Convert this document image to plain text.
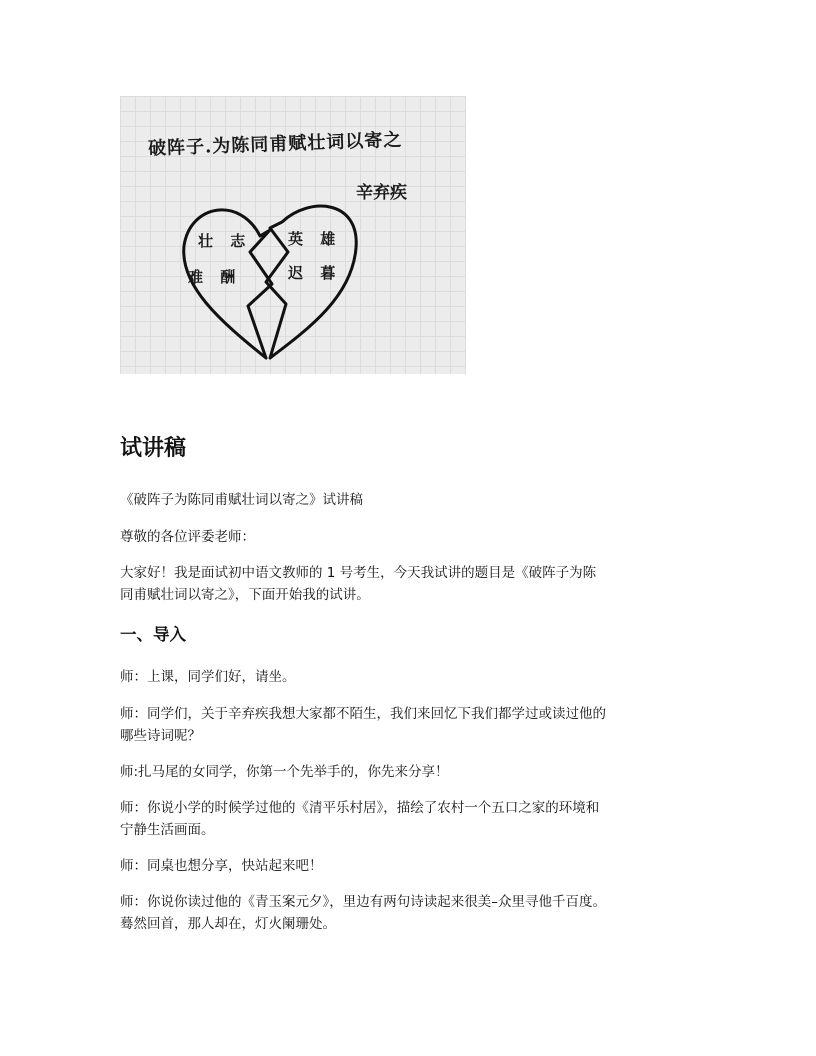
破阵子.为陈同甫赋壮词以寄之
辛弃疾
壮 志
难 酬
英 雄
迟 暮
试讲稿

《破阵子为陈同甫赋壮词以寄之》试讲稿

尊敬的各位评委老师：

大家好！我是面试初中语文教师的 1 号考生，今天我试讲的题目是《破阵子为陈
同甫赋壮词以寄之》，下面开始我的试讲。

一、导入

师：上课，同学们好，请坐。

师：同学们，关于辛弃疾我想大家都不陌生，我们来回忆下我们都学过或读过他的
哪些诗词呢？

师:扎马尾的女同学，你第一个先举手的，你先来分享！

师：你说小学的时候学过他的《清平乐村居》，描绘了农村一个五口之家的环境和
宁静生活画面。

师：同桌也想分享，快站起来吧！

师：你说你读过他的《青玉案元夕》，里边有两句诗读起来很美–众里寻他千百度。
蓦然回首，那人却在，灯火阑珊处。
